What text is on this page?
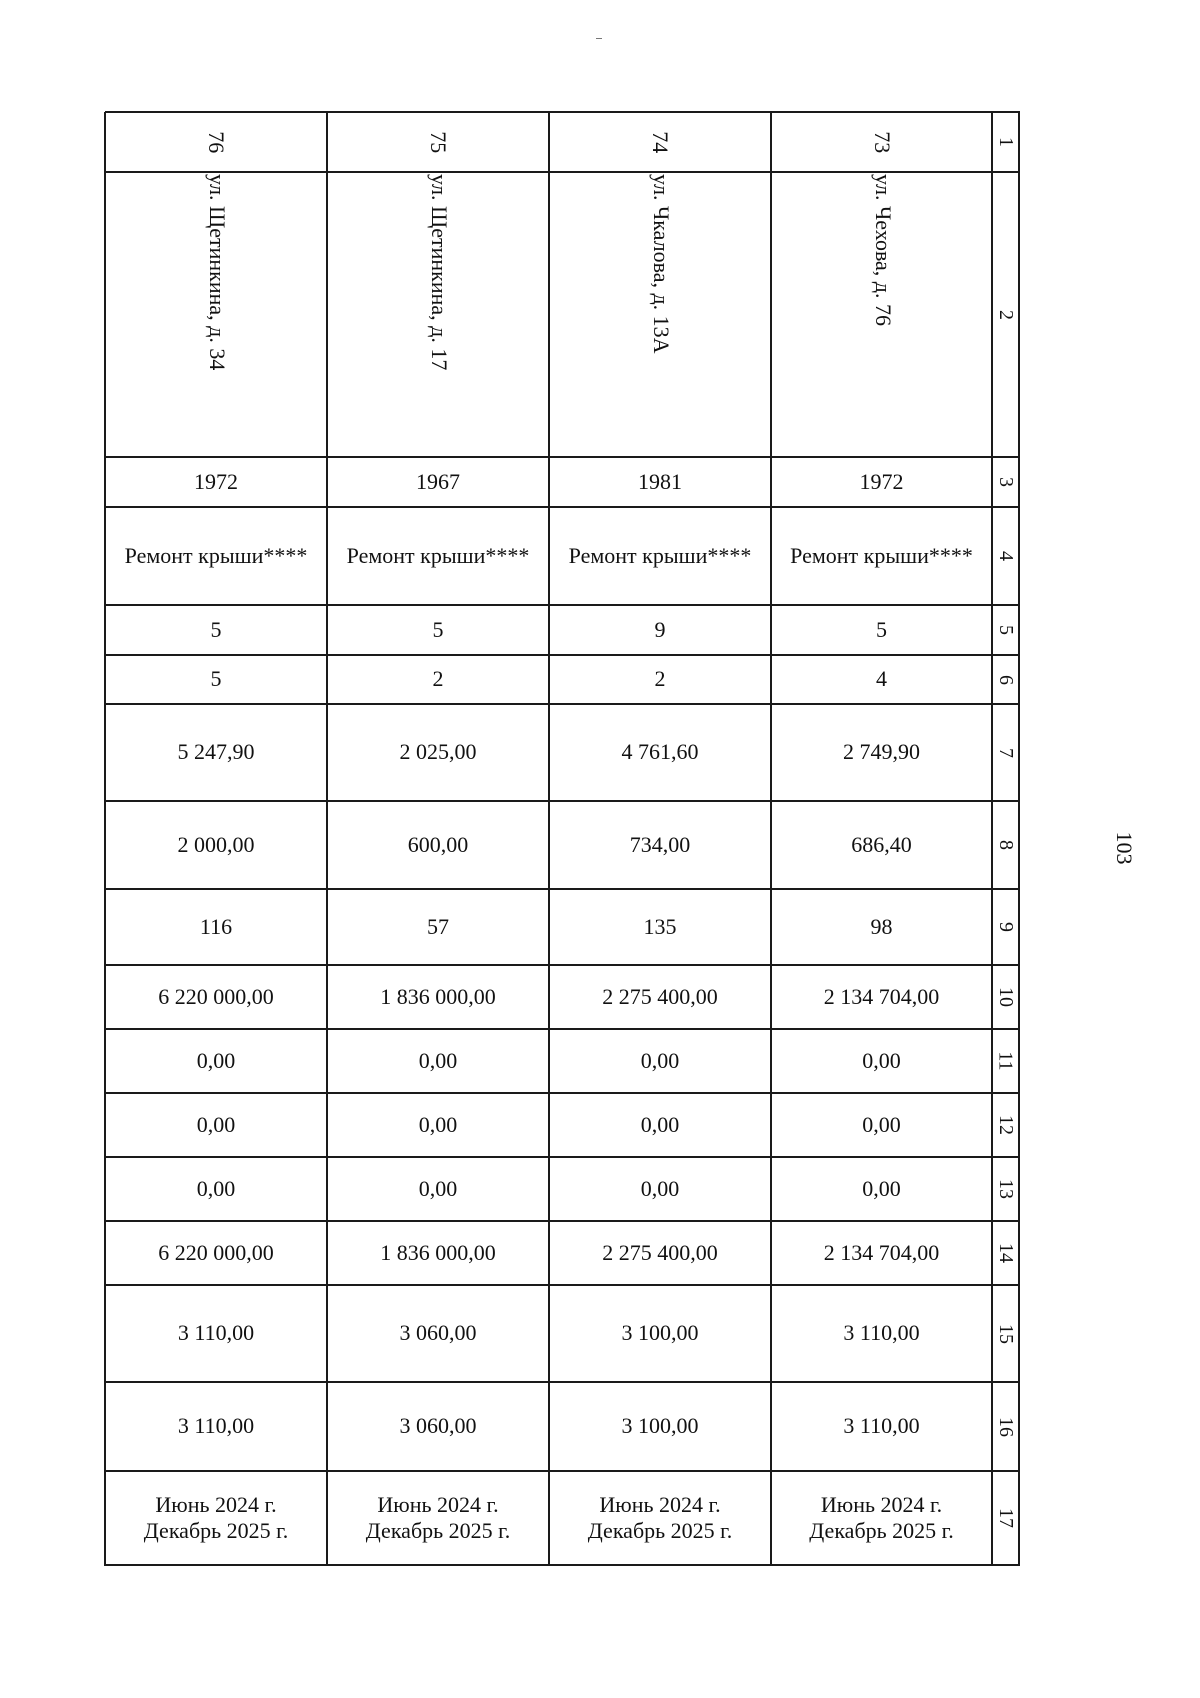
103
76
ул. Щетинкина, д. 34
1972
Ремонт крыши****
5
5
5 247,90
2 000,00
116
6 220 000,00
0,00
0,00
0,00
6 220 000,00
3 110,00
3 110,00
Июнь 2024 г.
Декабрь 2025 г.
75
ул. Щетинкина, д. 17
1967
Ремонт крыши****
5
2
2 025,00
600,00
57
1 836 000,00
0,00
0,00
0,00
1 836 000,00
3 060,00
3 060,00
Июнь 2024 г.
Декабрь 2025 г.
74
ул. Чкалова, д. 13А
1981
Ремонт крыши****
9
2
4 761,60
734,00
135
2 275 400,00
0,00
0,00
0,00
2 275 400,00
3 100,00
3 100,00
Июнь 2024 г.
Декабрь 2025 г.
73
ул. Чехова, д. 76
1972
Ремонт крыши****
5
4
2 749,90
686,40
98
2 134 704,00
0,00
0,00
0,00
2 134 704,00
3 110,00
3 110,00
Июнь 2024 г.
Декабрь 2025 г.
1
2
3
4
5
6
7
8
9
10
11
12
13
14
15
16
17
